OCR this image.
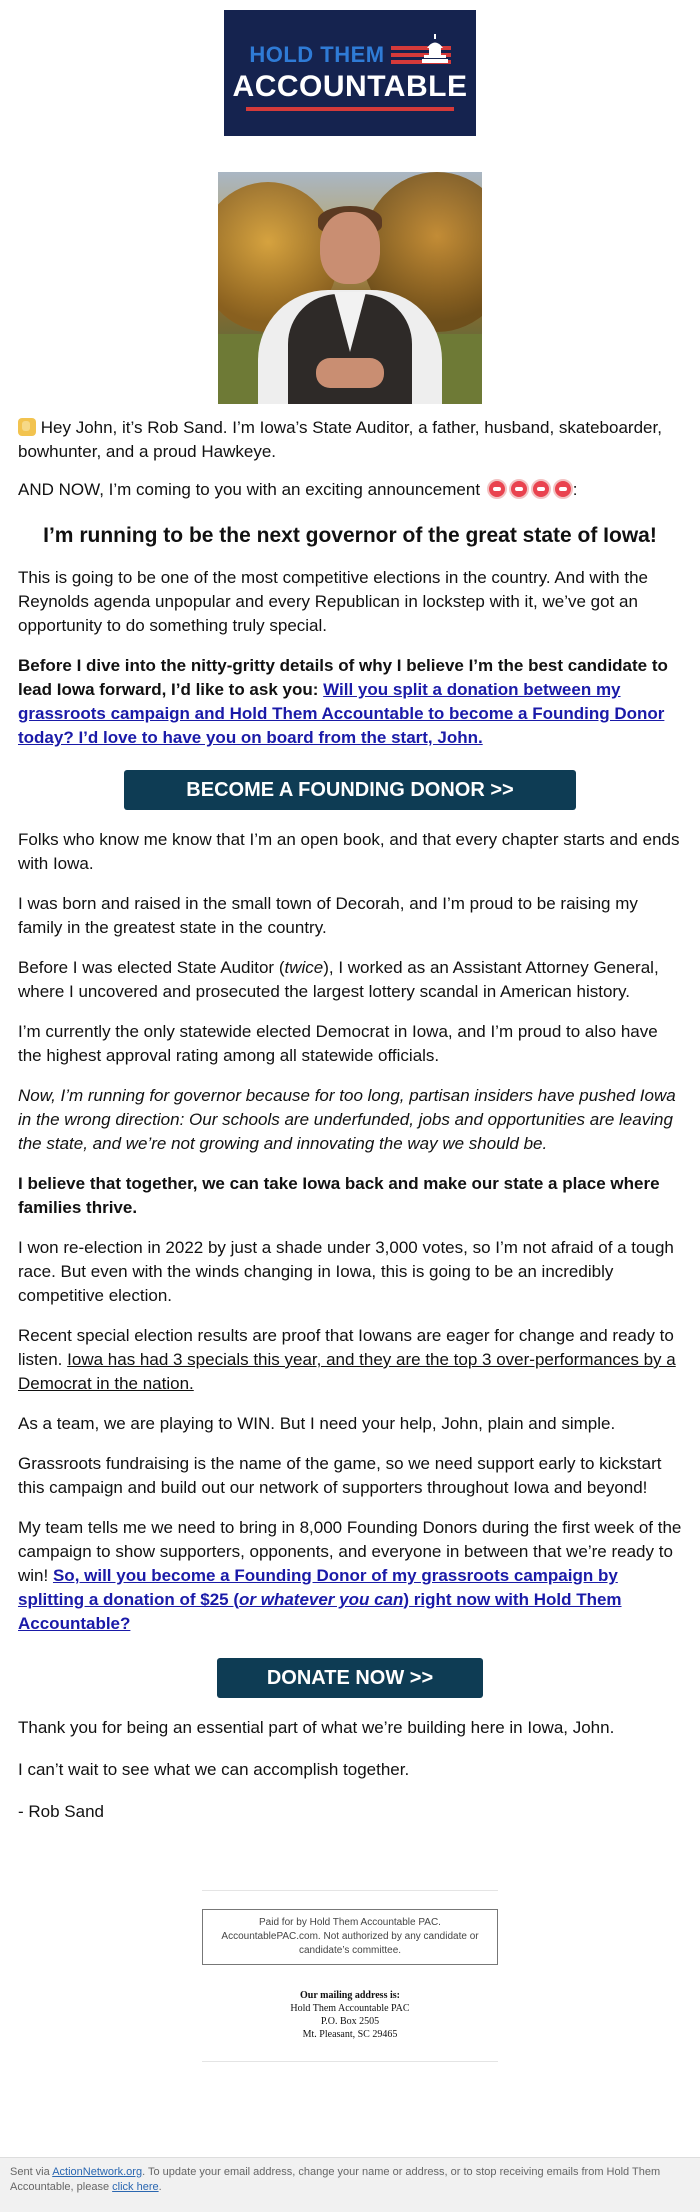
HOLD THEM
ACCOUNTABLE

Hey John, it’s Rob Sand. I’m Iowa’s State Auditor, a father, husband, skateboarder, bowhunter, and a proud Hawkeye.

AND NOW, I’m coming to you with an exciting announcement	:

I’m running to be the next governor of the great state of Iowa!

This is going to be one of the most competitive elections in the country. And with the Reynolds agenda unpopular and every Republican in lockstep with it, we’ve got an opportunity to do something truly special.

Before I dive into the nitty-gritty details of why I believe I’m the best candidate to lead Iowa forward, I’d like to ask you: Will you split a donation between my grassroots campaign and Hold Them Accountable to become a Founding Donor today? I’d love to have you on board from the start, John.

BECOME A FOUNDING DONOR >>

Folks who know me know that I’m an open book, and that every chapter starts and ends with Iowa.

I was born and raised in the small town of Decorah, and I’m proud to be raising my family in the greatest state in the country.

Before I was elected State Auditor (twice), I worked as an Assistant Attorney General, where I uncovered and prosecuted the largest lottery scandal in American history.

I’m currently the only statewide elected Democrat in Iowa, and I’m proud to also have the highest approval rating among all statewide officials.

Now, I’m running for governor because for too long, partisan insiders have pushed Iowa in the wrong direction: Our schools are underfunded, jobs and opportunities are leaving the state, and we’re not growing and innovating the way we should be.

I believe that together, we can take Iowa back and make our state a place where families thrive.

I won re-election in 2022 by just a shade under 3,000 votes, so I’m not afraid of a tough race. But even with the winds changing in Iowa, this is going to be an incredibly competitive election.

Recent special election results are proof that Iowans are eager for change and ready to listen. Iowa has had 3 specials this year, and they are the top 3 over-performances by a Democrat in the nation.

As a team, we are playing to WIN. But I need your help, John, plain and simple.

Grassroots fundraising is the name of the game, so we need support early to kickstart this campaign and build out our network of supporters throughout Iowa and beyond!

My team tells me we need to bring in 8,000 Founding Donors during the first week of the campaign to show supporters, opponents, and everyone in between that we’re ready to win! So, will you become a Founding Donor of my grassroots campaign by splitting a donation of $25 (or whatever you can) right now with Hold Them Accountable?

DONATE NOW >>

Thank you for being an essential part of what we’re building here in Iowa, John.

I can’t wait to see what we can accomplish together.

- Rob Sand

Paid for by Hold Them Accountable PAC. AccountablePAC.com. Not authorized by any candidate or candidate’s committee.
Our mailing address is:
Hold Them Accountable PAC
P.O. Box 2505
Mt. Pleasant, SC 29465
Sent via ActionNetwork.org. To update your email address, change your name or address, or to stop receiving emails from Hold Them Accountable, please click here.
